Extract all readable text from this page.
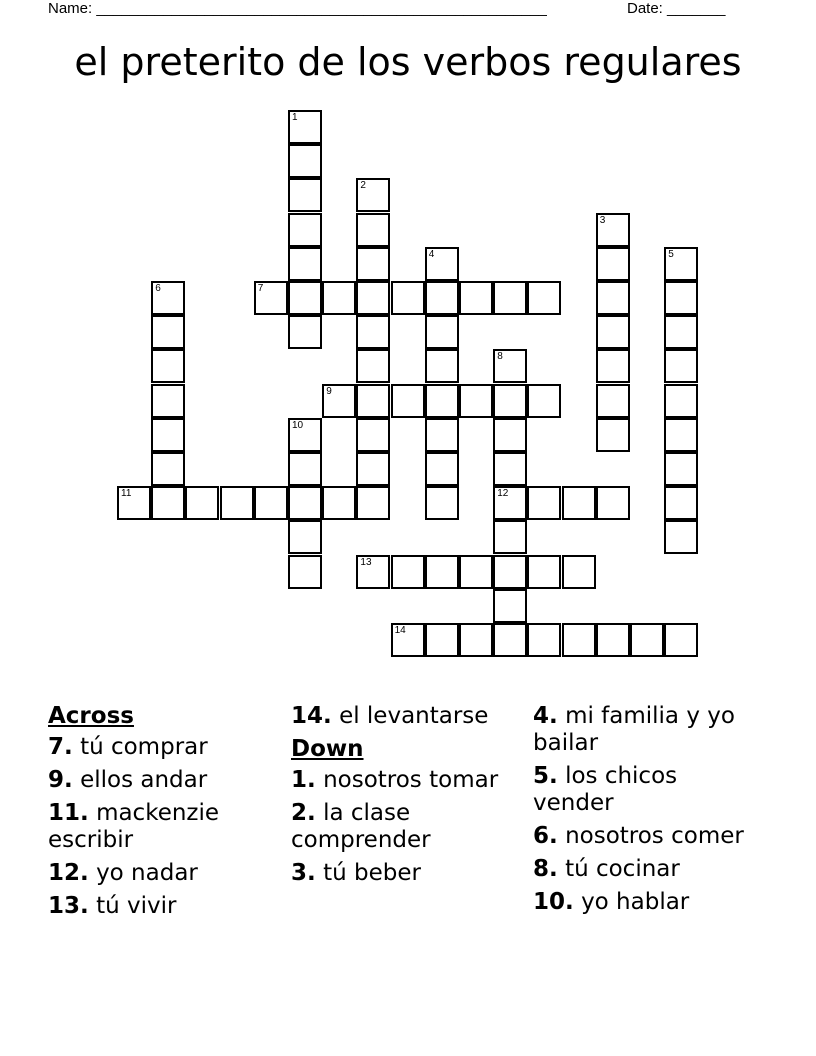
Name: ______________________________________________________	Date: _______
el preterito de los verbos regulares
1
2
3
4	5
6	7
8
12
9
10
11
13
14
Across
7. tú comprar
9. ellos andar
11. mackenzie escribir
12. yo nadar
13. tú vivir
14. el levantarse
Down
1. nosotros tomar
2. la clase comprender
3. tú beber
4. mi familia y yo bailar
5. los chicos vender
6. nosotros comer
8. tú cocinar
10. yo hablar
